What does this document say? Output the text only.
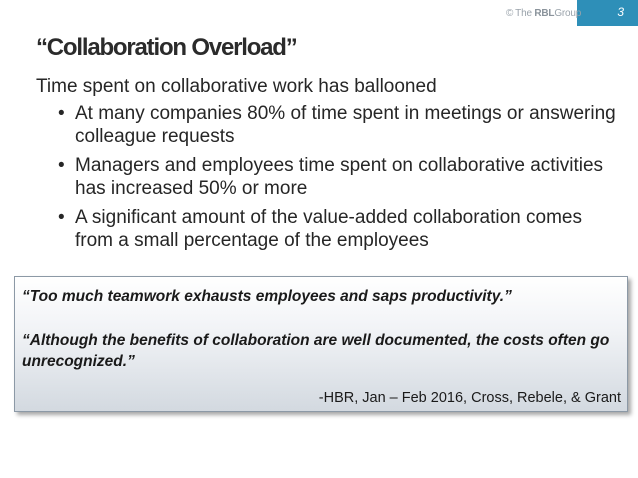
3
© The RBLGroup
“Collaboration Overload”

Time spent on collaborative work has ballooned

• At many companies 80% of time spent in meetings or answering colleague requests
• Managers and employees time spent on collaborative activities has increased 50% or more
• A significant amount of the value-added collaboration comes from a small percentage of the employees

“Too much teamwork exhausts employees and saps productivity.”

“Although the benefits of collaboration are well documented, the costs often go unrecognized.”

-HBR, Jan – Feb 2016, Cross, Rebele, & Grant
